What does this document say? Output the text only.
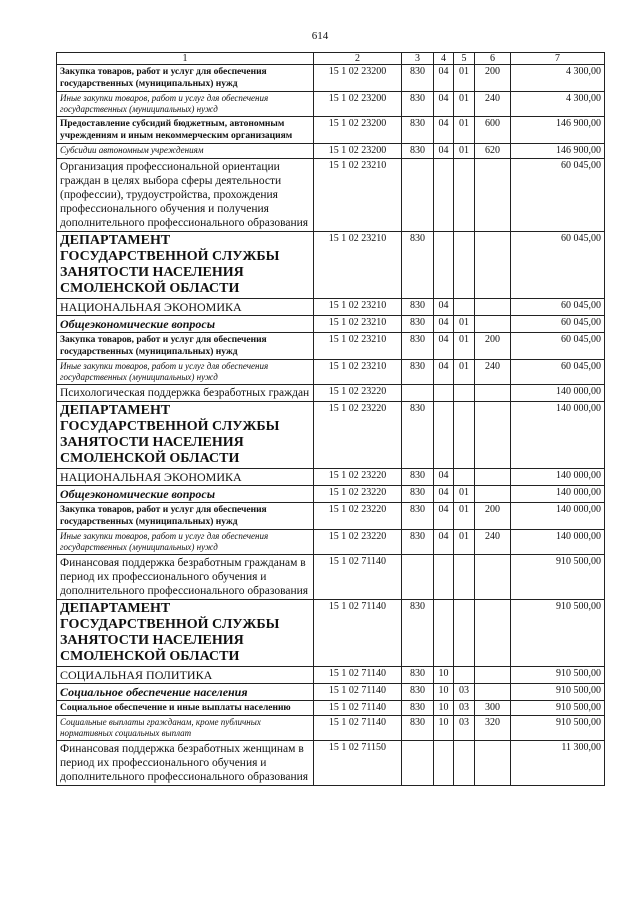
614
1	2	3	4	5	6	7
Закупка товаров, работ и услуг для обеспечения государственных (муниципальных) нужд	15 1 02 23200	830	04	01	200	4 300,00
Иные закупки товаров, работ и услуг для обеспечения государственных (муниципальных) нужд	15 1 02 23200	830	04	01	240	4 300,00
Предоставление субсидий бюджетным, автономным учреждениям и иным некоммерческим организациям	15 1 02 23200	830	04	01	600	146 900,00
Субсидии автономным учреждениям	15 1 02 23200	830	04	01	620	146 900,00
Организация профессиональной ориентации граждан в целях выбора сферы деятельности (профессии), трудоустройства, прохождения профессионального обучения и получения дополнительного профессионального образования	15 1 02 23210					60 045,00
ДЕПАРТАМЕНТ ГОСУДАРСТВЕННОЙ СЛУЖБЫ ЗАНЯТОСТИ НАСЕЛЕНИЯ СМОЛЕНСКОЙ ОБЛАСТИ	15 1 02 23210	830				60 045,00
НАЦИОНАЛЬНАЯ ЭКОНОМИКА	15 1 02 23210	830	04			60 045,00
Общеэкономические вопросы	15 1 02 23210	830	04	01		60 045,00
Закупка товаров, работ и услуг для обеспечения государственных (муниципальных) нужд	15 1 02 23210	830	04	01	200	60 045,00
Иные закупки товаров, работ и услуг для обеспечения государственных (муниципальных) нужд	15 1 02 23210	830	04	01	240	60 045,00
Психологическая поддержка безработных граждан	15 1 02 23220					140 000,00
ДЕПАРТАМЕНТ ГОСУДАРСТВЕННОЙ СЛУЖБЫ ЗАНЯТОСТИ НАСЕЛЕНИЯ СМОЛЕНСКОЙ ОБЛАСТИ	15 1 02 23220	830				140 000,00
НАЦИОНАЛЬНАЯ ЭКОНОМИКА	15 1 02 23220	830	04			140 000,00
Общеэкономические вопросы	15 1 02 23220	830	04	01		140 000,00
Закупка товаров, работ и услуг для обеспечения государственных (муниципальных) нужд	15 1 02 23220	830	04	01	200	140 000,00
Иные закупки товаров, работ и услуг для обеспечения государственных (муниципальных) нужд	15 1 02 23220	830	04	01	240	140 000,00
Финансовая поддержка безработным гражданам в период их профессионального обучения и дополнительного профессионального образования	15 1 02 71140					910 500,00
ДЕПАРТАМЕНТ ГОСУДАРСТВЕННОЙ СЛУЖБЫ ЗАНЯТОСТИ НАСЕЛЕНИЯ СМОЛЕНСКОЙ ОБЛАСТИ	15 1 02 71140	830				910 500,00
СОЦИАЛЬНАЯ ПОЛИТИКА	15 1 02 71140	830	10			910 500,00
Социальное обеспечение населения	15 1 02 71140	830	10	03		910 500,00
Социальное обеспечение и иные выплаты населению	15 1 02 71140	830	10	03	300	910 500,00
Социальные выплаты гражданам, кроме публичных нормативных социальных выплат	15 1 02 71140	830	10	03	320	910 500,00
Финансовая поддержка безработных женщинам в период их профессионального обучения и дополнительного профессионального образования	15 1 02 71150					11 300,00
